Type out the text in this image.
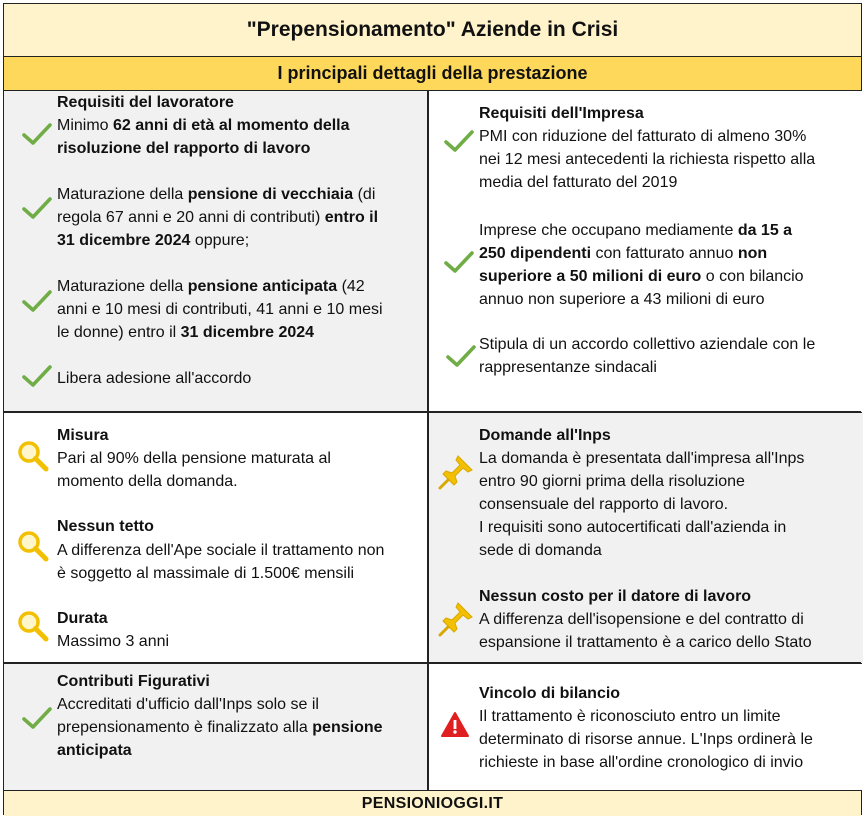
"Prepensionamento" Aziende in Crisi
I principali dettagli della prestazione
Requisiti del lavoratore
Minimo 62 anni di età al momento della
risoluzione del rapporto di lavoro
Maturazione della pensione di vecchiaia (di
regola 67 anni e 20 anni di contributi) entro il
31 dicembre 2024 oppure;
Maturazione della pensione anticipata (42
anni e 10 mesi di contributi, 41 anni e 10 mesi
le donne) entro il 31 dicembre 2024
Libera adesione all'accordo
Requisiti dell'Impresa
PMI con riduzione del fatturato di almeno 30%
nei 12 mesi antecedenti la richiesta rispetto alla
media del fatturato del 2019
Imprese che occupano mediamente da 15 a
250 dipendenti con fatturato annuo non
superiore a 50 milioni di euro o con bilancio
annuo non superiore a 43 milioni di euro
Stipula di un accordo collettivo aziendale con le
rappresentanze sindacali
Misura
Pari al 90% della pensione maturata al
momento della domanda.
Nessun tetto
A differenza dell'Ape sociale il trattamento non
è soggetto al massimale di 1.500€ mensili
Durata
Massimo 3 anni
Domande all'Inps
La domanda è presentata dall'impresa all'Inps
entro 90 giorni prima della risoluzione
consensuale del rapporto di lavoro.
I requisiti sono autocertificati dall'azienda in
sede di domanda
Nessun costo per il datore di lavoro
A differenza dell'isopensione e del contratto di
espansione il trattamento è a carico dello Stato
Contributi Figurativi
Accreditati d'ufficio dall'Inps solo se il
prepensionamento è finalizzato alla pensione
anticipata
Vincolo di bilancio
Il trattamento è riconosciuto entro un limite
determinato di risorse annue. L'Inps ordinerà le
richieste in base all'ordine cronologico di invio
PENSIONIOGGI.IT
